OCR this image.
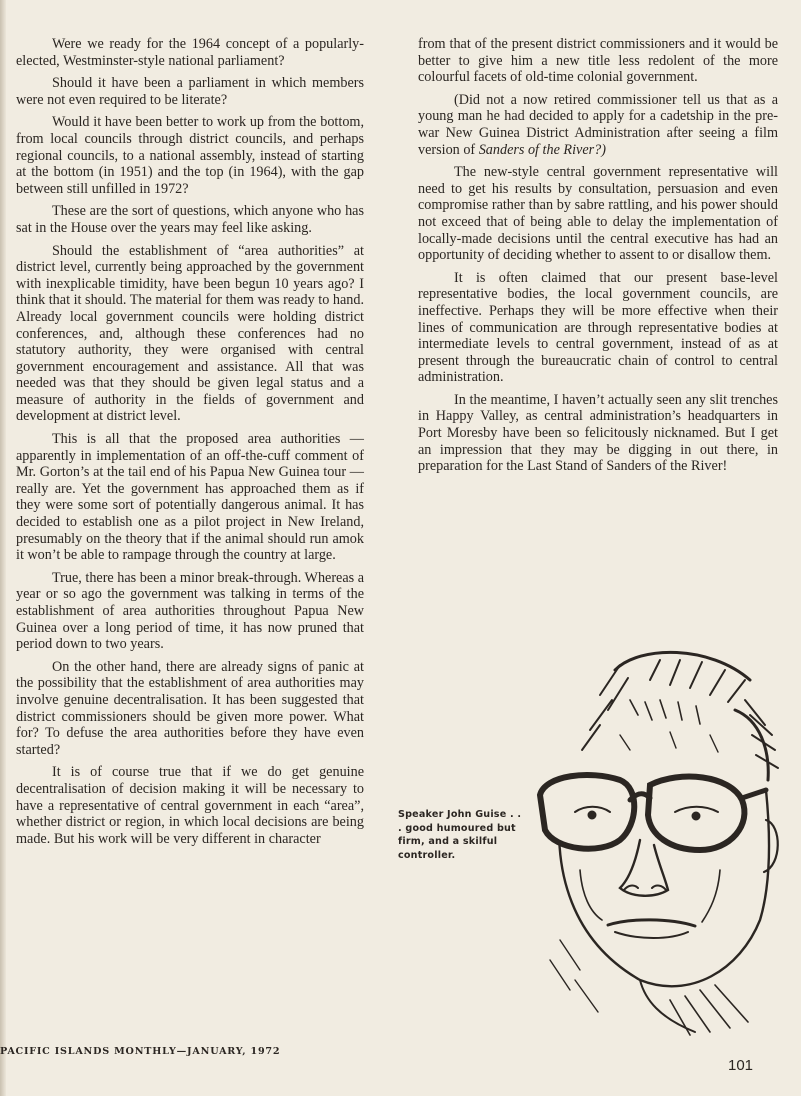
Were we ready for the 1964 concept of a popularly-elected, Westminster-style national parliament?

Should it have been a parliament in which members were not even required to be literate?

Would it have been better to work up from the bottom, from local councils through district councils, and perhaps regional councils, to a national assembly, instead of starting at the bottom (in 1951) and the top (in 1964), with the gap between still unfilled in 1972?

These are the sort of questions, which anyone who has sat in the House over the years may feel like asking.

Should the establishment of “area authorities” at district level, currently being approached by the government with inexplicable timidity, have been begun 10 years ago? I think that it should. The material for them was ready to hand. Already local government councils were holding district conferences, and, although these conferences had no statutory authority, they were organised with central government encouragement and assistance. All that was needed was that they should be given legal status and a measure of authority in the fields of government and development at district level.

This is all that the proposed area authorities — apparently in implementation of an off-the-cuff comment of Mr. Gorton’s at the tail end of his Papua New Guinea tour — really are. Yet the government has approached them as if they were some sort of potentially dangerous animal. It has decided to establish one as a pilot project in New Ireland, presumably on the theory that if the animal should run amok it won’t be able to rampage through the country at large.

True, there has been a minor break-through. Whereas a year or so ago the government was talking in terms of the establishment of area authorities throughout Papua New Guinea over a long period of time, it has now pruned that period down to two years.

On the other hand, there are already signs of panic at the possibility that the establishment of area authorities may involve genuine decentralisation. It has been suggested that district commissioners should be given more power. What for? To defuse the area authorities before they have even started?

It is of course true that if we do get genuine decentralisation of decision making it will be necessary to have a representative of central government in each “area”, whether district or region, in which local decisions are being made. But his work will be very different in character

from that of the present district commissioners and it would be better to give him a new title less redolent of the more colourful facets of old-time colonial government.

(Did not a now retired commissioner tell us that as a young man he had decided to apply for a cadetship in the pre-war New Guinea District Administration after seeing a film version of Sanders of the River?)

The new-style central government representative will need to get his results by consultation, persuasion and even compromise rather than by sabre rattling, and his power should not exceed that of being able to delay the implementation of locally-made decisions until the central executive has had an opportunity of deciding whether to assent to or disallow them.

It is often claimed that our present base-level representative bodies, the local government councils, are ineffective. Perhaps they will be more effective when their lines of communication are through representative bodies at intermediate levels to central government, instead of as at present through the bureaucratic chain of control to central administration.

In the meantime, I haven’t actually seen any slit trenches in Happy Valley, as central administration’s headquarters in Port Moresby have been so felicitously nicknamed. But I get an impression that they may be digging in out there, in preparation for the Last Stand of Sanders of the River!

Speaker John Guise . . . good humoured but firm, and a skilful controller.
PACIFIC ISLANDS MONTHLY—JANUARY, 1972
101
